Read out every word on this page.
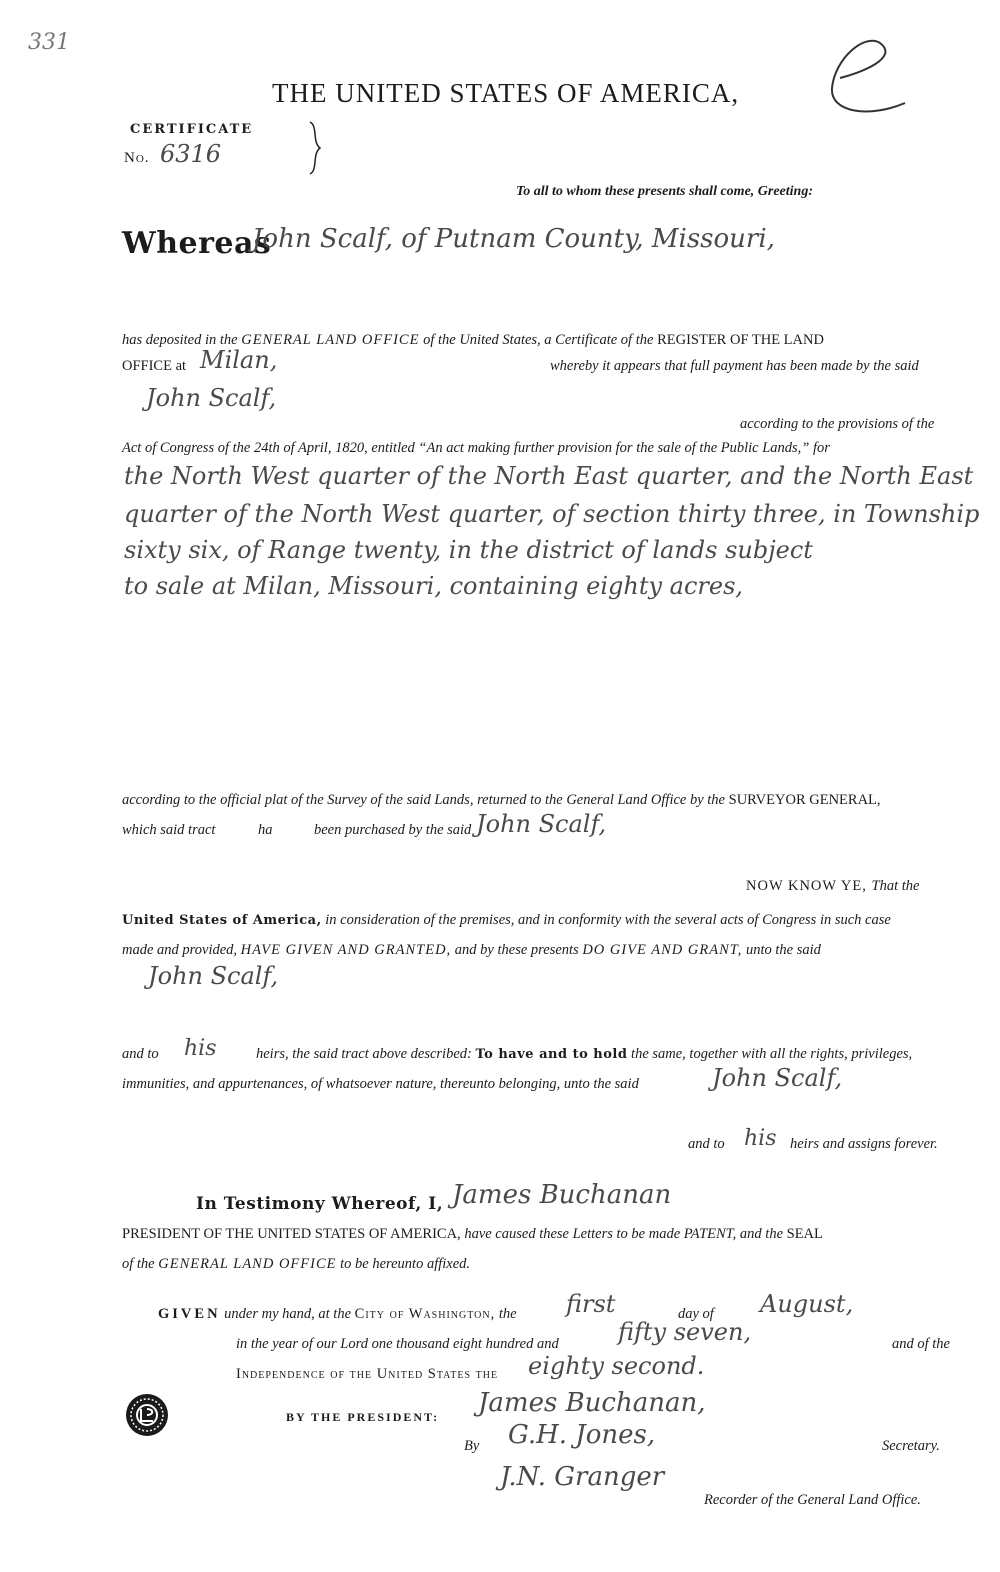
331
THE UNITED STATES OF AMERICA,
CERTIFICATE
No. 6316
To all to whom these presents shall come, Greeting:
Whereas
John Scalf, of Putnam County, Missouri,
has deposited in the GENERAL LAND OFFICE of the United States, a Certificate of the REGISTER OF THE LAND
OFFICE at Milan,	whereby it appears that full payment has been made by the said
John Scalf,
according to the provisions of the
Act of Congress of the 24th of April, 1820, entitled “An act making further provision for the sale of the Public Lands,” for
the North West quarter of the North East quarter, and the North East
quarter of the North West quarter, of section thirty three, in Township
sixty six, of Range twenty, in the district of lands subject
to sale at Milan, Missouri, containing eighty acres,
according to the official plat of the Survey of the said Lands, returned to the General Land Office by the SURVEYOR GENERAL,
which said tract	ha	been purchased by the said John Scalf,
NOW KNOW YE, That the
United States of America, in consideration of the premises, and in conformity with the several acts of Congress in such case
made and provided, HAVE GIVEN AND GRANTED, and by these presents DO GIVE AND GRANT, unto the said
John Scalf,
and to his	heirs, the said tract above described: To have and to hold the same, together with all the rights, privileges,
immunities, and appurtenances, of whatsoever nature, thereunto belonging, unto the said	John Scalf,
and to his heirs and assigns forever.
In Testimony Whereof, I, James Buchanan
PRESIDENT OF THE UNITED STATES OF AMERICA, have caused these Letters to be made PATENT, and the SEAL
of the GENERAL LAND OFFICE to be hereunto affixed.
GIVEN under my hand, at the City of Washington, the first	day of August,
in the year of our Lord one thousand eight hundred and fifty seven,	and of the
Independence of the United States the eighty second.
BY THE PRESIDENT: James Buchanan,
By G.H. Jones,	Secretary.
J.N. Granger
Recorder of the General Land Office.
